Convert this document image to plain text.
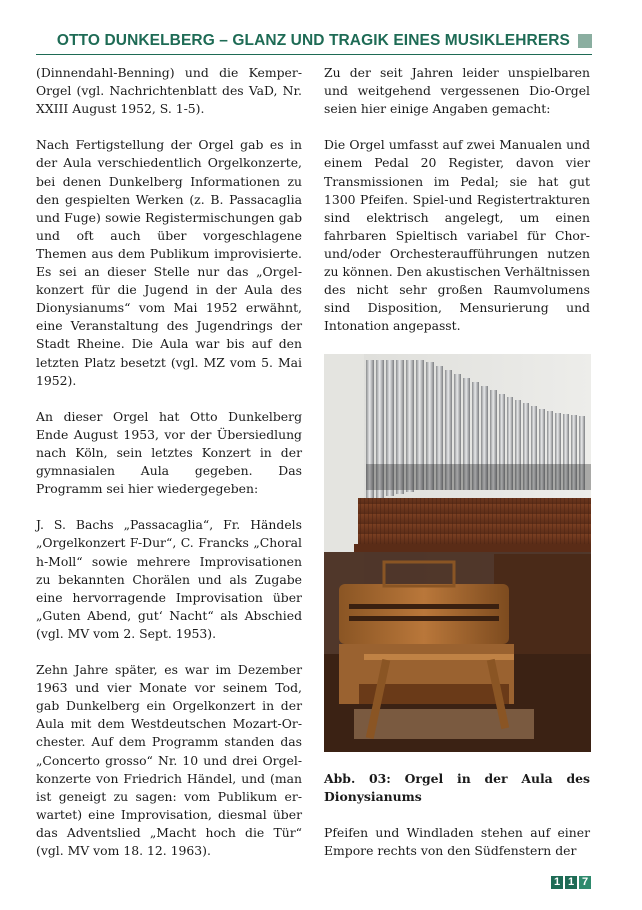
OTTO DUNKELBERG – GLANZ UND TRAGIK EINES MUSIKLEHRERS

(Dinnendahl-Benning) und die Kemper-Orgel (vgl. Nachrichtenblatt des VaD, Nr. XXIII August 1952, S. 1-5).

Nach Fertigstellung der Orgel gab es in der Aula verschiedentlich Orgelkonzerte, bei denen Dunkelberg Informationen zu den gespielten Werken (z. B. Passacaglia und Fuge) sowie Registermischungen gab und oft auch über vorgeschlagene Themen aus dem Publikum improvisierte. Es sei an dieser Stelle nur das „Orgelkonzert für die Jugend in der Aula des Dionysianums“ vom Mai 1952 erwähnt, eine Veranstaltung des Jugendrings der Stadt Rheine. Die Aula war bis auf den letzten Platz besetzt (vgl. MZ vom 5. Mai 1952).

An dieser Orgel hat Otto Dunkelberg Ende August 1953, vor der Übersiedlung nach Köln, sein letztes Konzert in der gymnasialen Aula gegeben. Das Programm sei hier wiedergegeben:

J. S. Bachs „Passacaglia“, Fr. Händels „Orgelkonzert F-Dur“, C. Francks „Choral h-Moll“ sowie mehrere Improvisationen zu bekannten Chorälen und als Zugabe eine hervorragende Improvisation über „Guten Abend, gut‘ Nacht“ als Abschied (vgl. MV vom 2. Sept. 1953).

Zehn Jahre später, es war im Dezember 1963 und vier Monate vor seinem Tod, gab Dunkelberg ein Orgelkonzert in der Aula mit dem Westdeutschen Mozart-Orchester. Auf dem Programm standen das „Concerto grosso“ Nr. 10 und drei Orgelkonzerte von Friedrich Händel, und (man ist geneigt zu sagen: vom Publikum erwartet) eine Improvisation, diesmal über das Adventslied „Macht hoch die Tür“ (vgl. MV vom 18. 12. 1963).

Zu der seit Jahren leider unspielbaren und weitgehend vergessenen Dio-Orgel seien hier einige Angaben gemacht:

Die Orgel umfasst auf zwei Manualen und einem Pedal 20 Register, davon vier Transmissionen im Pedal; sie hat gut 1300 Pfeifen. Spiel-und Registertrakturen sind elektrisch angelegt, um einen fahrbaren Spieltisch variabel für Chor- und/oder Orchesteraufführungen nutzen zu können. Den akustischen Verhältnissen des nicht sehr großen Raumvolumens sind Disposition, Mensurierung und Intonation angepasst.

Abb. 03: Orgel in der Aula des Dionysianums

Pfeifen und Windladen stehen auf einer Empore rechts von den Südfenstern der

1 1 7
